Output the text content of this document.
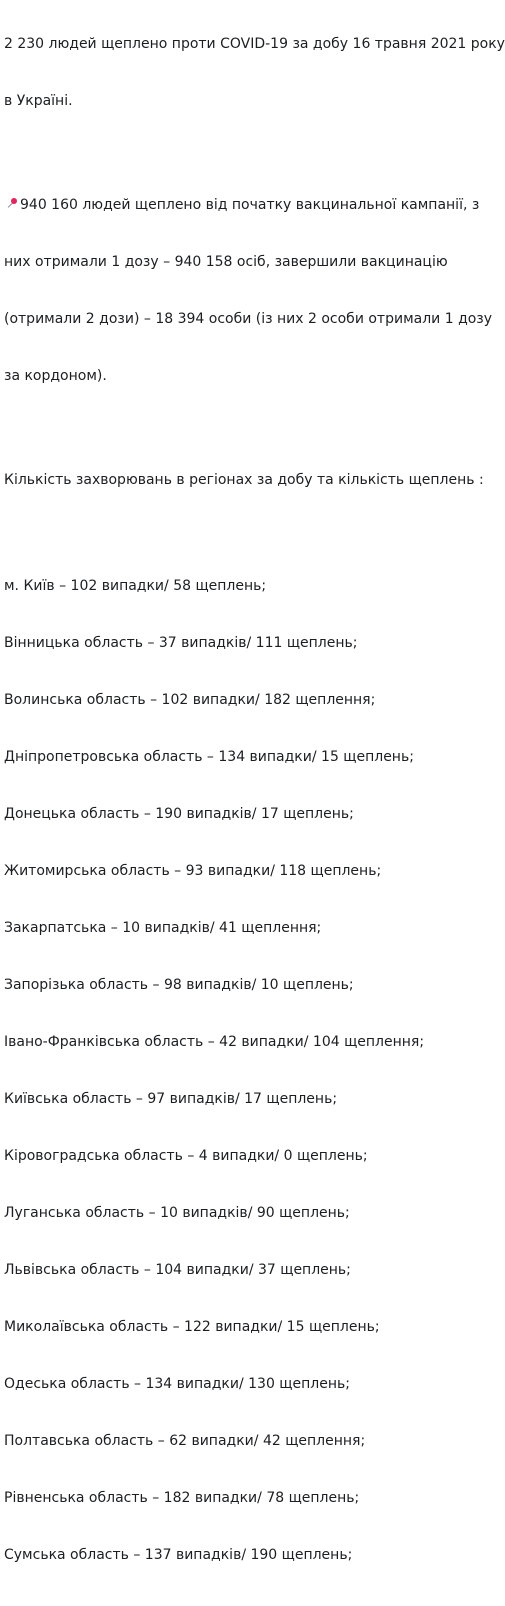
2 230 людей щеплено проти COVID-19 за добу 16 травня 2021 року

в Україні.

940 160 людей щеплено від початку вакцинальної кампанії, з

них отримали 1 дозу – 940 158 осіб, завершили вакцинацію

(отримали 2 дози) – 18 394 особи (із них 2 особи отримали 1 дозу

за кордоном).

Кількість захворювань в регіонах за добу та кількість щеплень :

м. Київ – 102 випадки/ 58 щеплень;

Вінницька область – 37 випадків/ 111 щеплень;

Волинська область – 102 випадки/ 182 щеплення;

Дніпропетровська область – 134 випадки/ 15 щеплень;

Донецька область – 190 випадків/ 17 щеплень;

Житомирська область – 93 випадки/ 118 щеплень;

Закарпатська – 10 випадків/ 41 щеплення;

Запорізька область – 98 випадків/ 10 щеплень;

Івано-Франківська область – 42 випадки/ 104 щеплення;

Київська область – 97 випадків/ 17 щеплень;

Кіровоградська область – 4 випадки/ 0 щеплень;

Луганська область – 10 випадків/ 90 щеплень;

Львівська область – 104 випадки/ 37 щеплень;

Миколаївська область – 122 випадки/ 15 щеплень;

Одеська область – 134 випадки/ 130 щеплень;

Полтавська область – 62 випадки/ 42 щеплення;

Рівненська область – 182 випадки/ 78 щеплень;

Сумська область – 137 випадків/ 190 щеплень;
